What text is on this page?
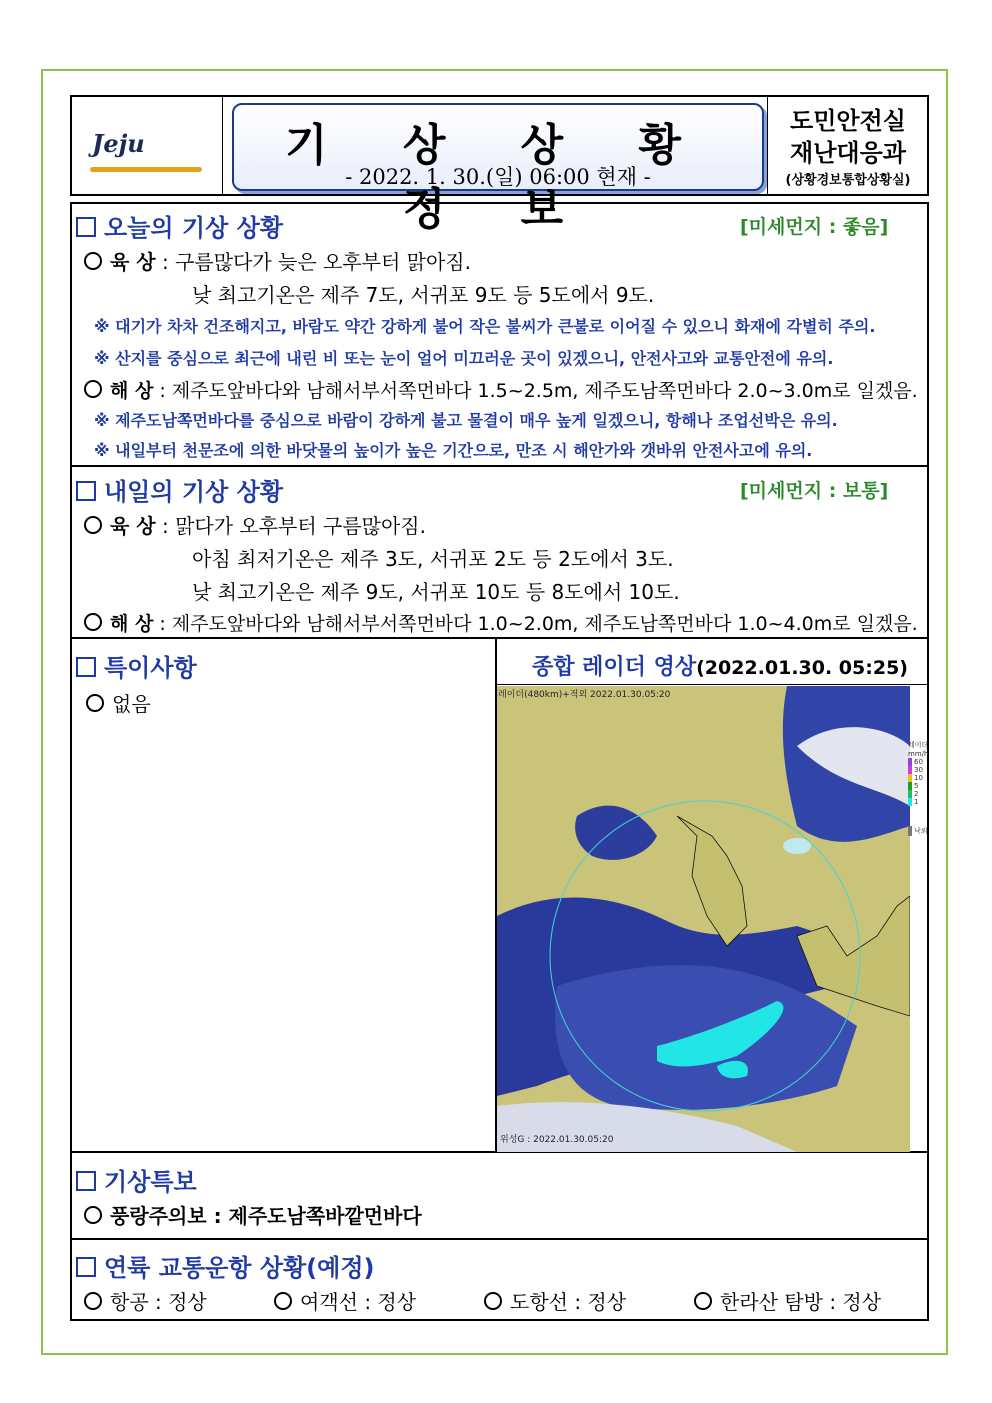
Jeju	기 상 상 황 정 보
- 2022. 1. 30.(일) 06:00 현재 -
도민안전실
재난대응과
(상황경보통합상황실)
오늘의 기상 상황	[미세먼지 : 좋음]
육 상 : 구름많다가 늦은 오후부터 맑아짐.
낮 최고기온은 제주 7도, 서귀포 9도 등 5도에서 9도.
※ 대기가 차차 건조해지고, 바람도 약간 강하게 불어 작은 불씨가 큰불로 이어질 수 있으니 화재에 각별히 주의.
※ 산지를 중심으로 최근에 내린 비 또는 눈이 얼어 미끄러운 곳이 있겠으니, 안전사고와 교통안전에 유의.
해 상 : 제주도앞바다와 남해서부서쪽먼바다 1.5~2.5m, 제주도남쪽먼바다 2.0~3.0m로 일겠음.
※ 제주도남쪽먼바다를 중심으로 바람이 강하게 불고 물결이 매우 높게 일겠으니, 항해나 조업선박은 유의.
※ 내일부터 천문조에 의한 바닷물의 높이가 높은 기간으로, 만조 시 해안가와 갯바위 안전사고에 유의.
내일의 기상 상황	[미세먼지 : 보통]
육 상 : 맑다가 오후부터 구름많아짐.
아침 최저기온은 제주 3도, 서귀포 2도 등 2도에서 3도.
낮 최고기온은 제주 9도, 서귀포 10도 등 8도에서 10도.
해 상 : 제주도앞바다와 남해서부서쪽먼바다 1.0~2.0m, 제주도남쪽먼바다 1.0~4.0m로 일겠음.
특이사항
없음
종합 레이더 영상(2022.01.30. 05:25)
레이더(480km)+적외 2022.01.30.05:20
위성G : 2022.01.30.05:20
레이더
mm/h
60
30
10
5
2
1
낙뢰
기상특보
풍랑주의보 : 제주도남쪽바깥먼바다
연륙 교통운항 상황(예정)
항공 : 정상	여객선 : 정상	도항선 : 정상	한라산 탐방 : 정상
